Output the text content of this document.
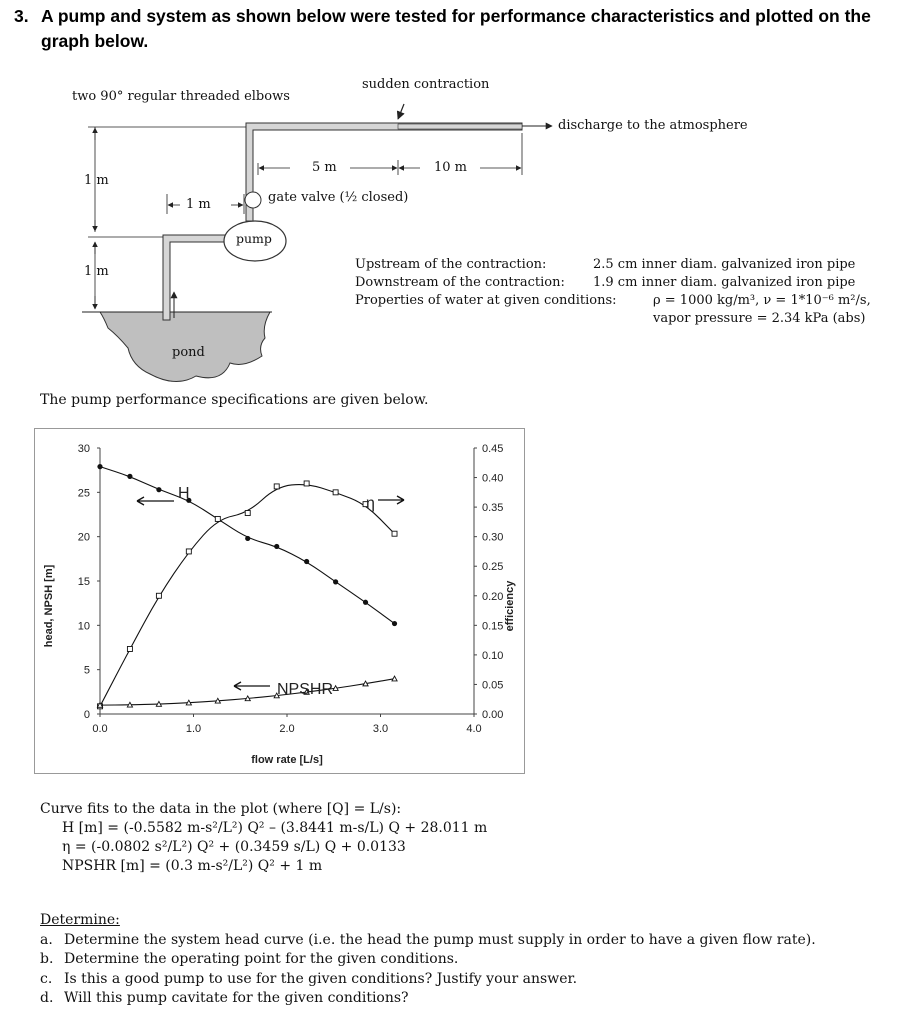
3. A pump and system as shown below were tested for performance characteristics and plotted on the graph below.
two 90° regular threaded elbows
sudden contraction
discharge to the atmosphere
5 m	10 m
1 m
1 m
1 m	gate valve (½ closed)
pump
pond
Upstream of the contraction:	2.5 cm inner diam. galvanized iron pipe
Downstream of the contraction:	1.9 cm inner diam. galvanized iron pipe
Properties of water at given conditions:	ρ = 1000 kg/m³, ν = 1*10⁻⁶ m²/s,
vapor pressure = 2.34 kPa (abs)
The pump performance specifications are given below.
0
5
10
15
20
25
30
0.00
0.05
0.10
0.15
0.20
0.25
0.30
0.35
0.40
0.45
0.0	1.0	2.0	3.0	4.0
head, NPSH [m]	efficiency
flow rate [L/s]
H
η
NPSHR
Curve fits to the data in the plot (where [Q] = L/s):
H [m] = (-0.5582 m-s²/L²) Q² – (3.8441 m-s/L) Q + 28.011 m
η = (-0.0802 s²/L²) Q² + (0.3459 s/L) Q + 0.0133
NPSHR [m] = (0.3 m-s²/L²) Q² + 1 m
Determine:
a. Determine the system head curve (i.e. the head the pump must supply in order to have a given flow rate).
b. Determine the operating point for the given conditions.
c. Is this a good pump to use for the given conditions? Justify your answer.
d. Will this pump cavitate for the given conditions?
